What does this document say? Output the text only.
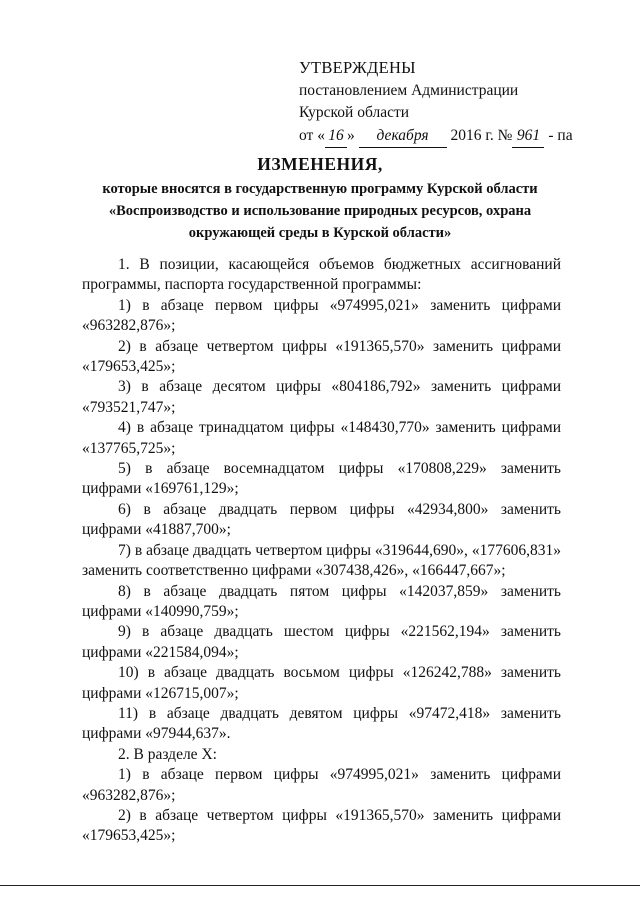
УТВЕРЖДЕНЫ
постановлением Администрации
Курской области
от « 16 » декабря 2016 г. № 961 - па
ИЗМЕНЕНИЯ,
которые вносятся в государственную программу Курской области «Воспроизводство и использование природных ресурсов, охрана окружающей среды в Курской области»

1. В позиции, касающейся объемов бюджетных ассигнований программы, паспорта государственной программы:

1) в абзаце первом цифры «974995,021» заменить цифрами «963282,876»;

2) в абзаце четвертом цифры «191365,570» заменить цифрами «179653,425»;

3) в абзаце десятом цифры «804186,792» заменить цифрами «793521,747»;

4) в абзаце тринадцатом цифры «148430,770» заменить цифрами «137765,725»;

5) в абзаце восемнадцатом цифры «170808,229» заменить цифрами «169761,129»;

6) в абзаце двадцать первом цифры «42934,800» заменить цифрами «41887,700»;

7) в абзаце двадцать четвертом цифры «319644,690», «177606,831» заменить соответственно цифрами «307438,426», «166447,667»;

8) в абзаце двадцать пятом цифры «142037,859» заменить цифрами «140990,759»;

9) в абзаце двадцать шестом цифры «221562,194» заменить цифрами «221584,094»;

10) в абзаце двадцать восьмом цифры «126242,788» заменить цифрами «126715,007»;

11) в абзаце двадцать девятом цифры «97472,418» заменить цифрами «97944,637».

2. В разделе X:

1) в абзаце первом цифры «974995,021» заменить цифрами «963282,876»;

2) в абзаце четвертом цифры «191365,570» заменить цифрами «179653,425»;
